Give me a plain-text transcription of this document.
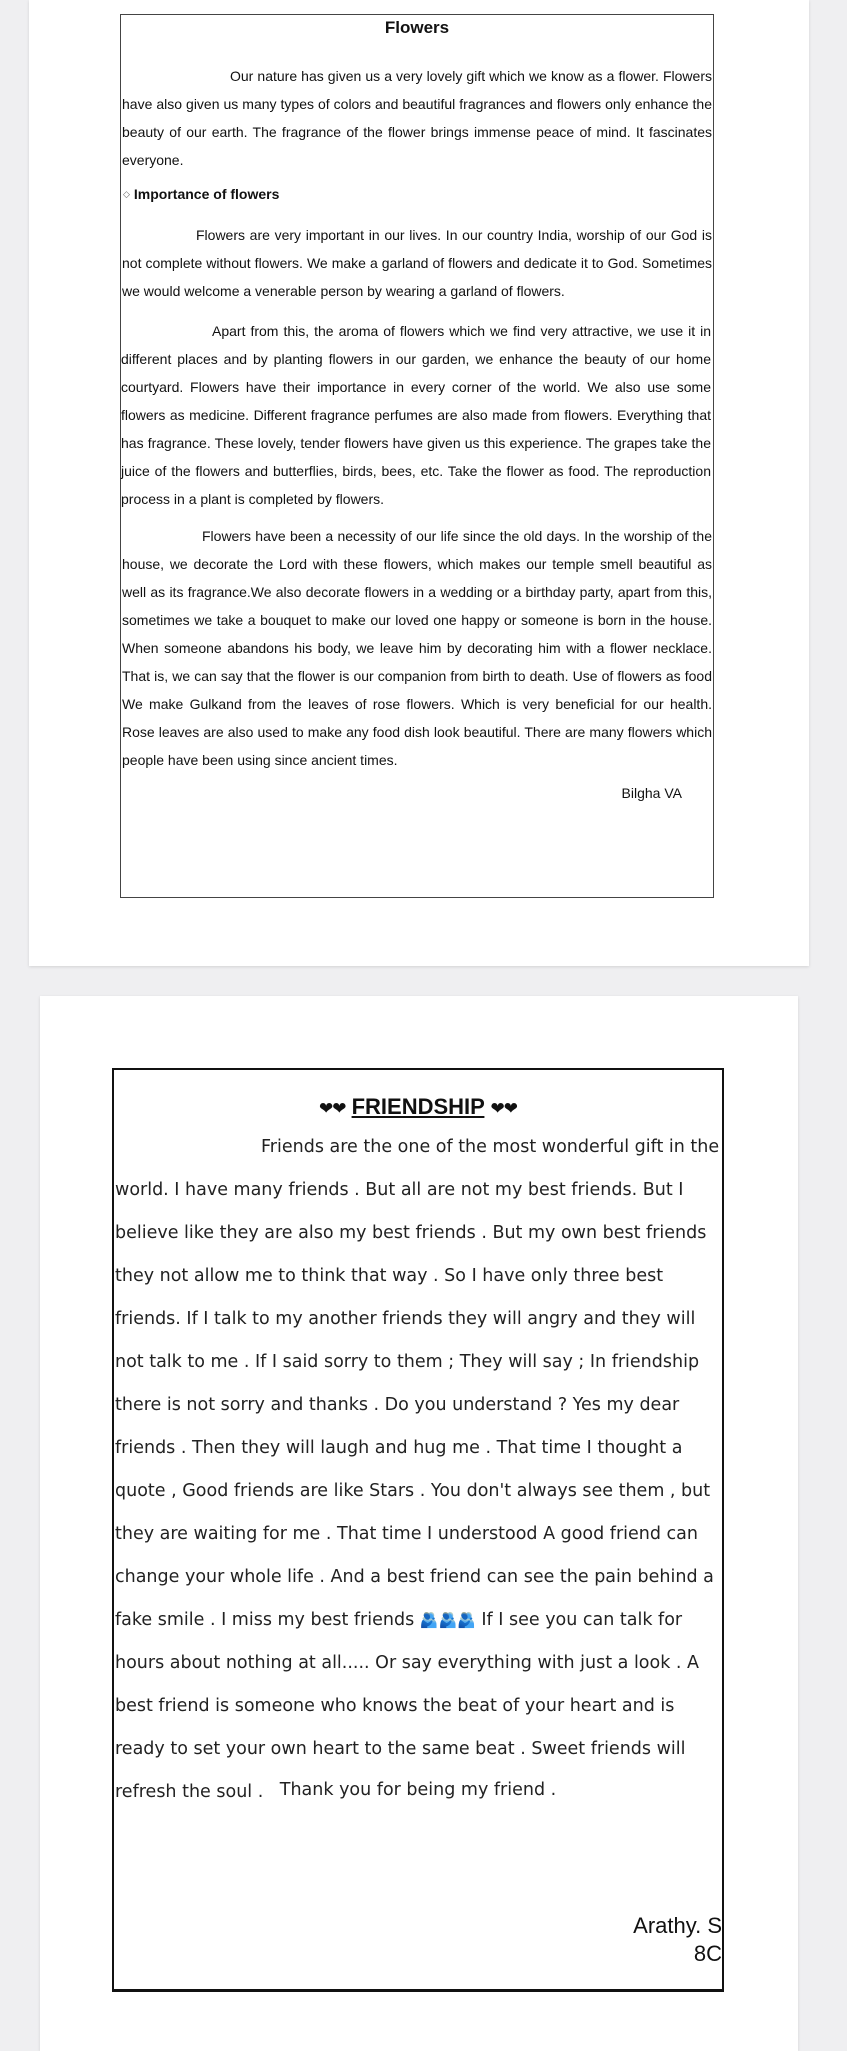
Flowers

Our nature has given us a very lovely gift which we know as a flower. Flowers have also given us many types of colors and beautiful fragrances and flowers only enhance the beauty of our earth. The fragrance of the flower brings immense peace of mind. It fascinates everyone.

◇ Importance of flowers

Flowers are very important in our lives. In our country India, worship of our God is not complete without flowers. We make a garland of flowers and dedicate it to God. Sometimes we would welcome a venerable person by wearing a garland of flowers.

Apart from this, the aroma of flowers which we find very attractive, we use it in different places and by planting flowers in our garden, we enhance the beauty of our home courtyard. Flowers have their importance in every corner of the world. We also use some flowers as medicine. Different fragrance perfumes are also made from flowers. Everything that has fragrance. These lovely, tender flowers have given us this experience. The grapes take the juice of the flowers and butterflies, birds, bees, etc. Take the flower as food. The reproduction process in a plant is completed by flowers.

Flowers have been a necessity of our life since the old days. In the worship of the house, we decorate the Lord with these flowers, which makes our temple smell beautiful as well as its fragrance.We also decorate flowers in a wedding or a birthday party, apart from this, sometimes we take a bouquet to make our loved one happy or someone is born in the house. When someone abandons his body, we leave him by decorating him with a flower necklace. That is, we can say that the flower is our companion from birth to death. Use of flowers as food We make Gulkand from the leaves of rose flowers. Which is very beneficial for our health. Rose leaves are also used to make any food dish look beautiful. There are many flowers which people have been using since ancient times.

Bilgha VA
❤❤ FRIENDSHIP ❤❤

Friends are the one of the most wonderful gift in the world. I have many friends . But all are not my best friends. But I believe like they are also my best friends . But my own best friends they not allow me to think that way . So I have only three best friends. If I talk to my another friends they will angry and they will not talk to me . If I said sorry to them ; They will say ; In friendship there is not sorry and thanks . Do you understand ? Yes my dear friends . Then they will laugh and hug me . That time I thought a quote , Good friends are like Stars . You don't always see them , but they are waiting for me . That time I understood A good friend can change your whole life . And a best friend can see the pain behind a fake smile . I miss my best friends 🫂🫂🫂 If I see you can talk for hours about nothing at all..... Or say everything with just a look . A best friend is someone who knows the beat of your heart and is ready to set your own heart to the same beat . Sweet friends will refresh the soul . Thank you for being my friend .
Arathy. S
8C
